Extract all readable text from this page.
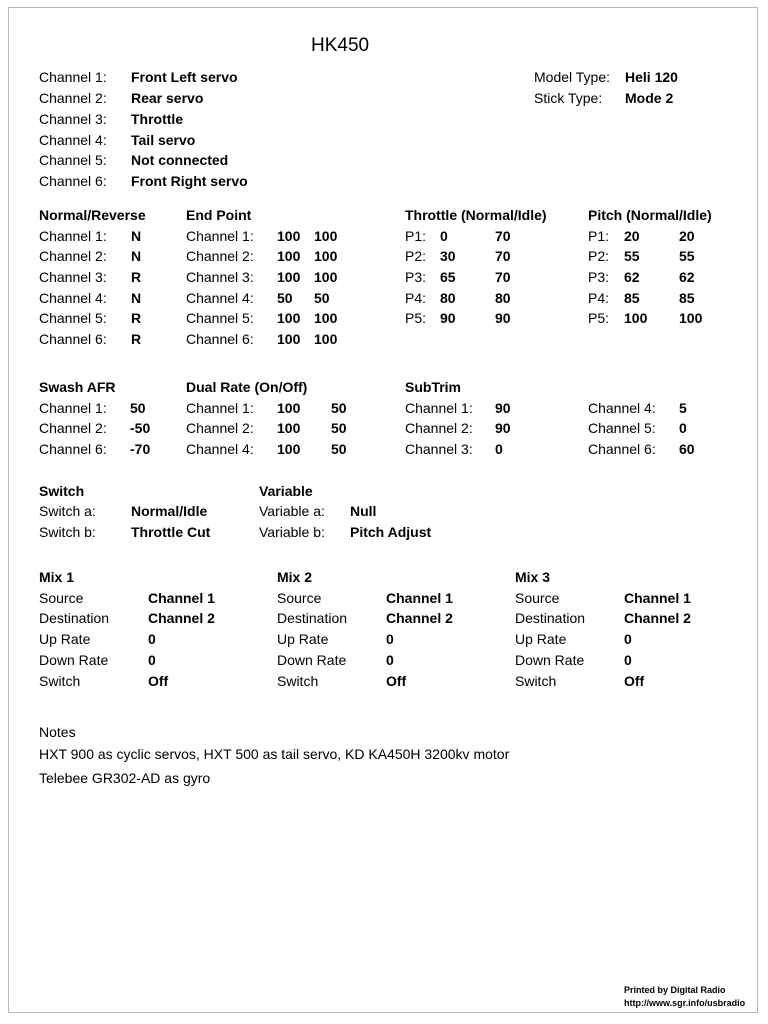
HK450
Channel 1: Front Left servo
Channel 2: Rear servo
Channel 3: Throttle
Channel 4: Tail servo
Channel 5: Not connected
Channel 6: Front Right servo
Model Type: Heli 120
Stick Type: Mode 2
Normal/Reverse
Channel 1: N
Channel 2: N
Channel 3: R
Channel 4: N
Channel 5: R
Channel 6: R
End Point
Channel 1: 100 100
Channel 2: 100 100
Channel 3: 100 100
Channel 4: 50 50
Channel 5: 100 100
Channel 6: 100 100
Throttle (Normal/Idle)
P1: 0	70
P2: 30	70
P3: 65	70
P4: 80	80
P5: 90	90
Pitch (Normal/Idle)
P1: 20	20
P2: 55	55
P3: 62	62
P4: 85	85
P5: 100 100
Swash AFR
Channel 1: 50
Channel 2: -50
Channel 6: -70
Dual Rate (On/Off)
Channel 1: 100 50
Channel 2: 100 50
Channel 4: 100 50
SubTrim
Channel 1: 90
Channel 2: 90
Channel 3: 0
Channel 4: 5
Channel 5: 0
Channel 6: 60
Switch
Switch a:	Normal/Idle
Switch b:	Throttle Cut
Variable
Variable a: Null
Variable b: Pitch Adjust
Mix 1
Source	Channel 1
Destination	Channel 2
Up Rate	0
Down Rate	0
Switch	Off
Mix 2
Source	Channel 1
Destination	Channel 2
Up Rate	0
Down Rate	0
Switch	Off
Mix 3
Source	Channel 1
Destination	Channel 2
Up Rate	0
Down Rate	0
Switch	Off
Notes
HXT 900 as cyclic servos, HXT 500 as tail servo, KD KA450H 3200kv motor
Telebee GR302-AD as gyro
Printed by Digital Radio
http://www.sgr.info/usbradio
